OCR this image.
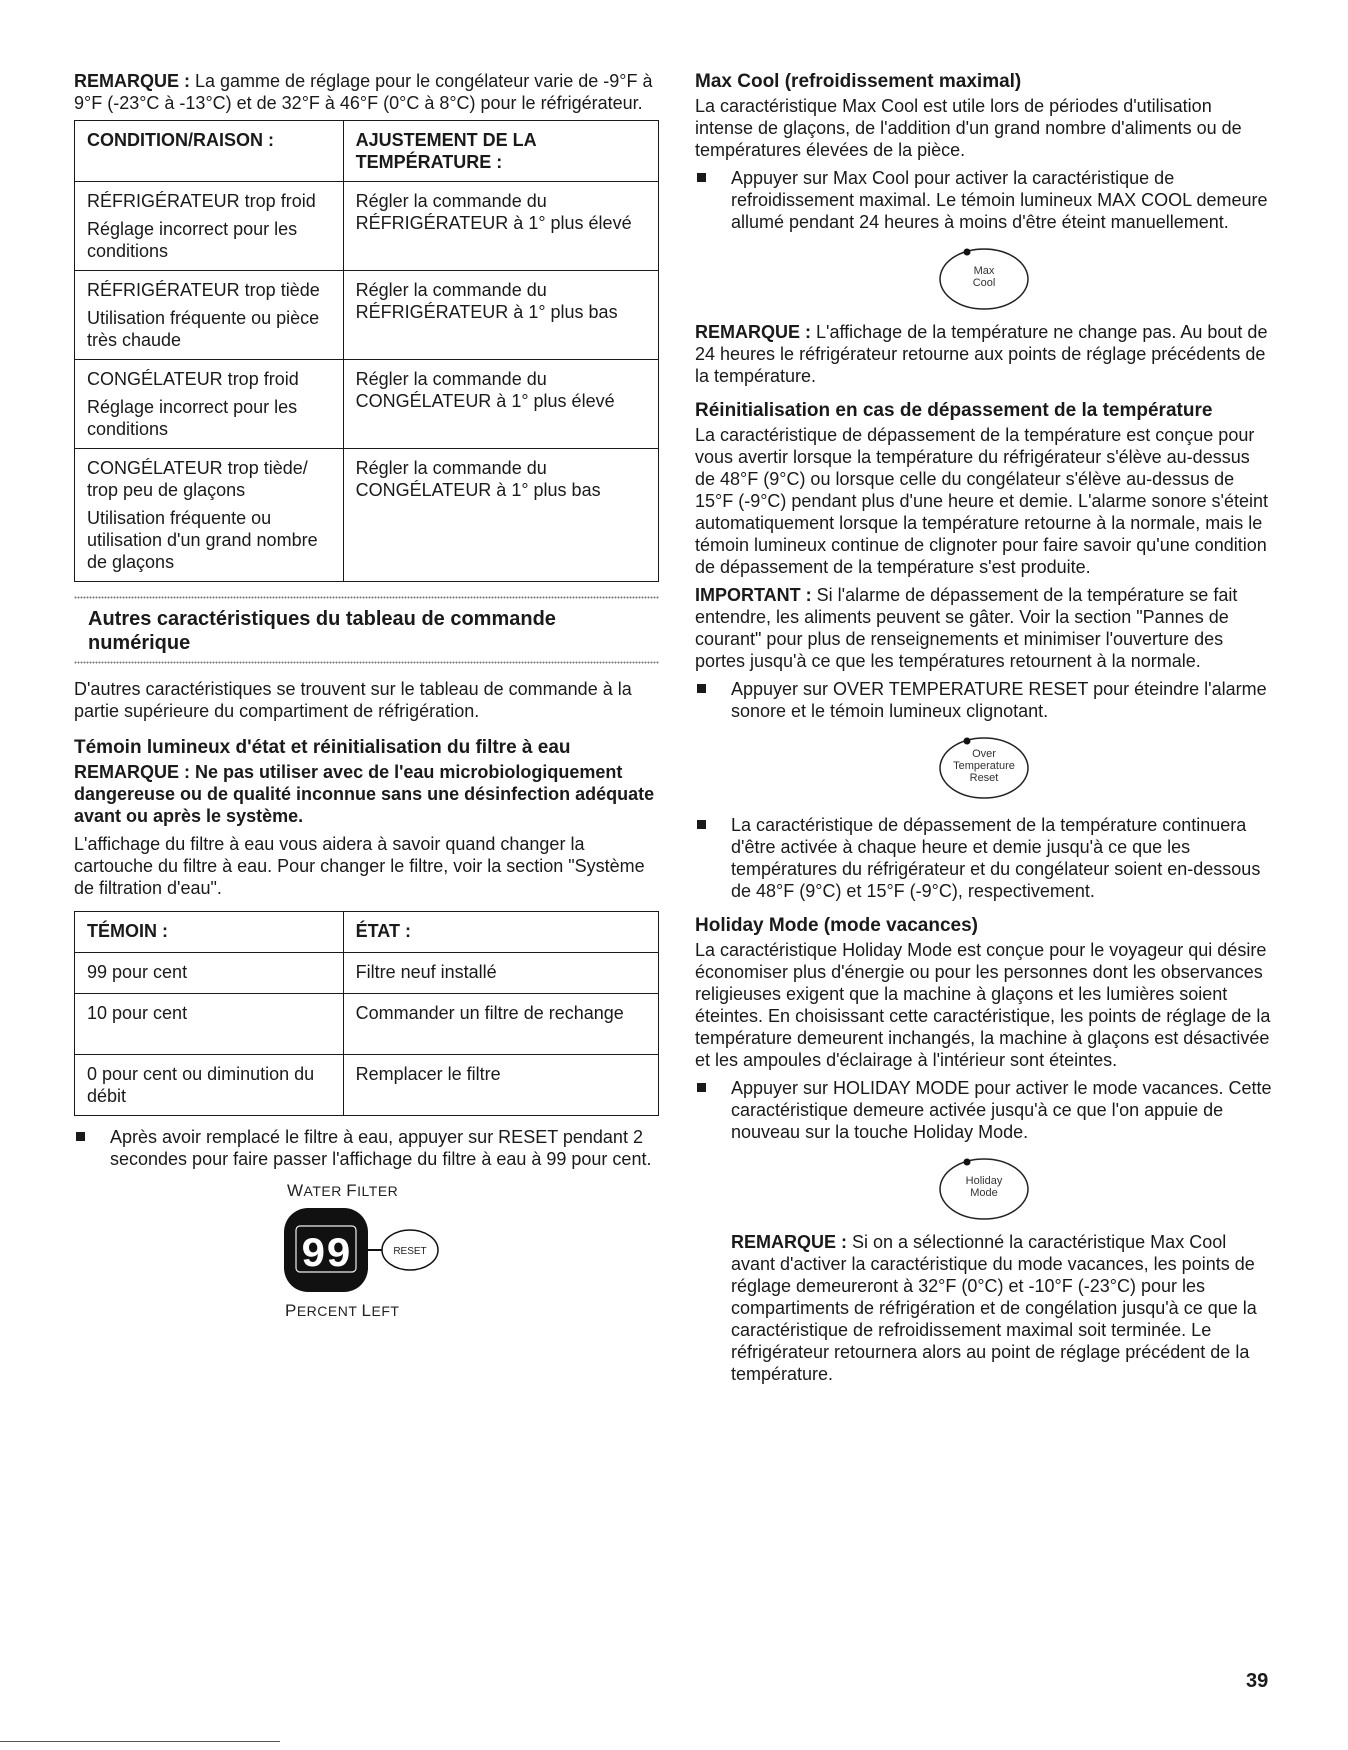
REMARQUE : La gamme de réglage pour le congélateur varie de -9°F à 9°F (-23°C à -13°C) et de 32°F à 46°F (0°C à 8°C) pour le réfrigérateur.

CONDITION/RAISON :	AJUSTEMENT DE LA TEMPÉRATURE :

RÉFRIGÉRATEUR trop froid

Réglage incorrect pour les conditions	Régler la commande du RÉFRIGÉRATEUR à 1° plus élevé

RÉFRIGÉRATEUR trop tiède

Utilisation fréquente ou pièce très chaude	Régler la commande du RÉFRIGÉRATEUR à 1° plus bas

CONGÉLATEUR trop froid

Réglage incorrect pour les conditions	Régler la commande du CONGÉLATEUR à 1° plus élevé

CONGÉLATEUR trop tiède/ trop peu de glaçons

Utilisation fréquente ou utilisation d'un grand nombre de glaçons	Régler la commande du CONGÉLATEUR à 1° plus bas
Autres caractéristiques du tableau de commande numérique

D'autres caractéristiques se trouvent sur le tableau de commande à la partie supérieure du compartiment de réfrigération.

Témoin lumineux d'état et réinitialisation du filtre à eau

REMARQUE : Ne pas utiliser avec de l'eau microbiologiquement dangereuse ou de qualité inconnue sans une désinfection adéquate avant ou après le système.

L'affichage du filtre à eau vous aidera à savoir quand changer la cartouche du filtre à eau. Pour changer le filtre, voir la section "Système de filtration d'eau".

TÉMOIN :	ÉTAT :
99 pour cent	Filtre neuf installé
10 pour cent	Commander un filtre de rechange
0 pour cent ou diminution du débit	Remplacer le filtre
Après avoir remplacé le filtre à eau, appuyer sur RESET pendant 2 secondes pour faire passer l'affichage du filtre à eau à 99 pour cent.
WATER FILTER
99	RESET
PERCENT LEFT
Max Cool (refroidissement maximal)

La caractéristique Max Cool est utile lors de périodes d'utilisation intense de glaçons, de l'addition d'un grand nombre d'aliments ou de températures élevées de la pièce.

Appuyer sur Max Cool pour activer la caractéristique de refroidissement maximal. Le témoin lumineux MAX COOL demeure allumé pendant 24 heures à moins d'être éteint manuellement.
Max
Cool

REMARQUE : L'affichage de la température ne change pas. Au bout de 24 heures le réfrigérateur retourne aux points de réglage précédents de la température.

Réinitialisation en cas de dépassement de la température

La caractéristique de dépassement de la température est conçue pour vous avertir lorsque la température du réfrigérateur s'élève au-dessus de 48°F (9°C) ou lorsque celle du congélateur s'élève au-dessus de 15°F (-9°C) pendant plus d'une heure et demie. L'alarme sonore s'éteint automatiquement lorsque la température retourne à la normale, mais le témoin lumineux continue de clignoter pour faire savoir qu'une condition de dépassement de la température s'est produite.

IMPORTANT : Si l'alarme de dépassement de la température se fait entendre, les aliments peuvent se gâter. Voir la section "Pannes de courant" pour plus de renseignements et minimiser l'ouverture des portes jusqu'à ce que les températures retournent à la normale.

Appuyer sur OVER TEMPERATURE RESET pour éteindre l'alarme sonore et le témoin lumineux clignotant.
Over
Temperature
Reset
La caractéristique de dépassement de la température continuera d'être activée à chaque heure et demie jusqu'à ce que les températures du réfrigérateur et du congélateur soient en-dessous de 48°F (9°C) et 15°F (-9°C), respectivement.
Holiday Mode (mode vacances)

La caractéristique Holiday Mode est conçue pour le voyageur qui désire économiser plus d'énergie ou pour les personnes dont les observances religieuses exigent que la machine à glaçons et les lumières soient éteintes. En choisissant cette caractéristique, les points de réglage de la température demeurent inchangés, la machine à glaçons est désactivée et les ampoules d'éclairage à l'intérieur sont éteintes.

Appuyer sur HOLIDAY MODE pour activer le mode vacances. Cette caractéristique demeure activée jusqu'à ce que l'on appuie de nouveau sur la touche Holiday Mode.
Holiday
Mode

REMARQUE : Si on a sélectionné la caractéristique Max Cool avant d'activer la caractéristique du mode vacances, les points de réglage demeureront à 32°F (0°C) et -10°F (-23°C) pour les compartiments de réfrigération et de congélation jusqu'à ce que la caractéristique de refroidissement maximal soit terminée. Le réfrigérateur retournera alors au point de réglage précédent de la température.

39
